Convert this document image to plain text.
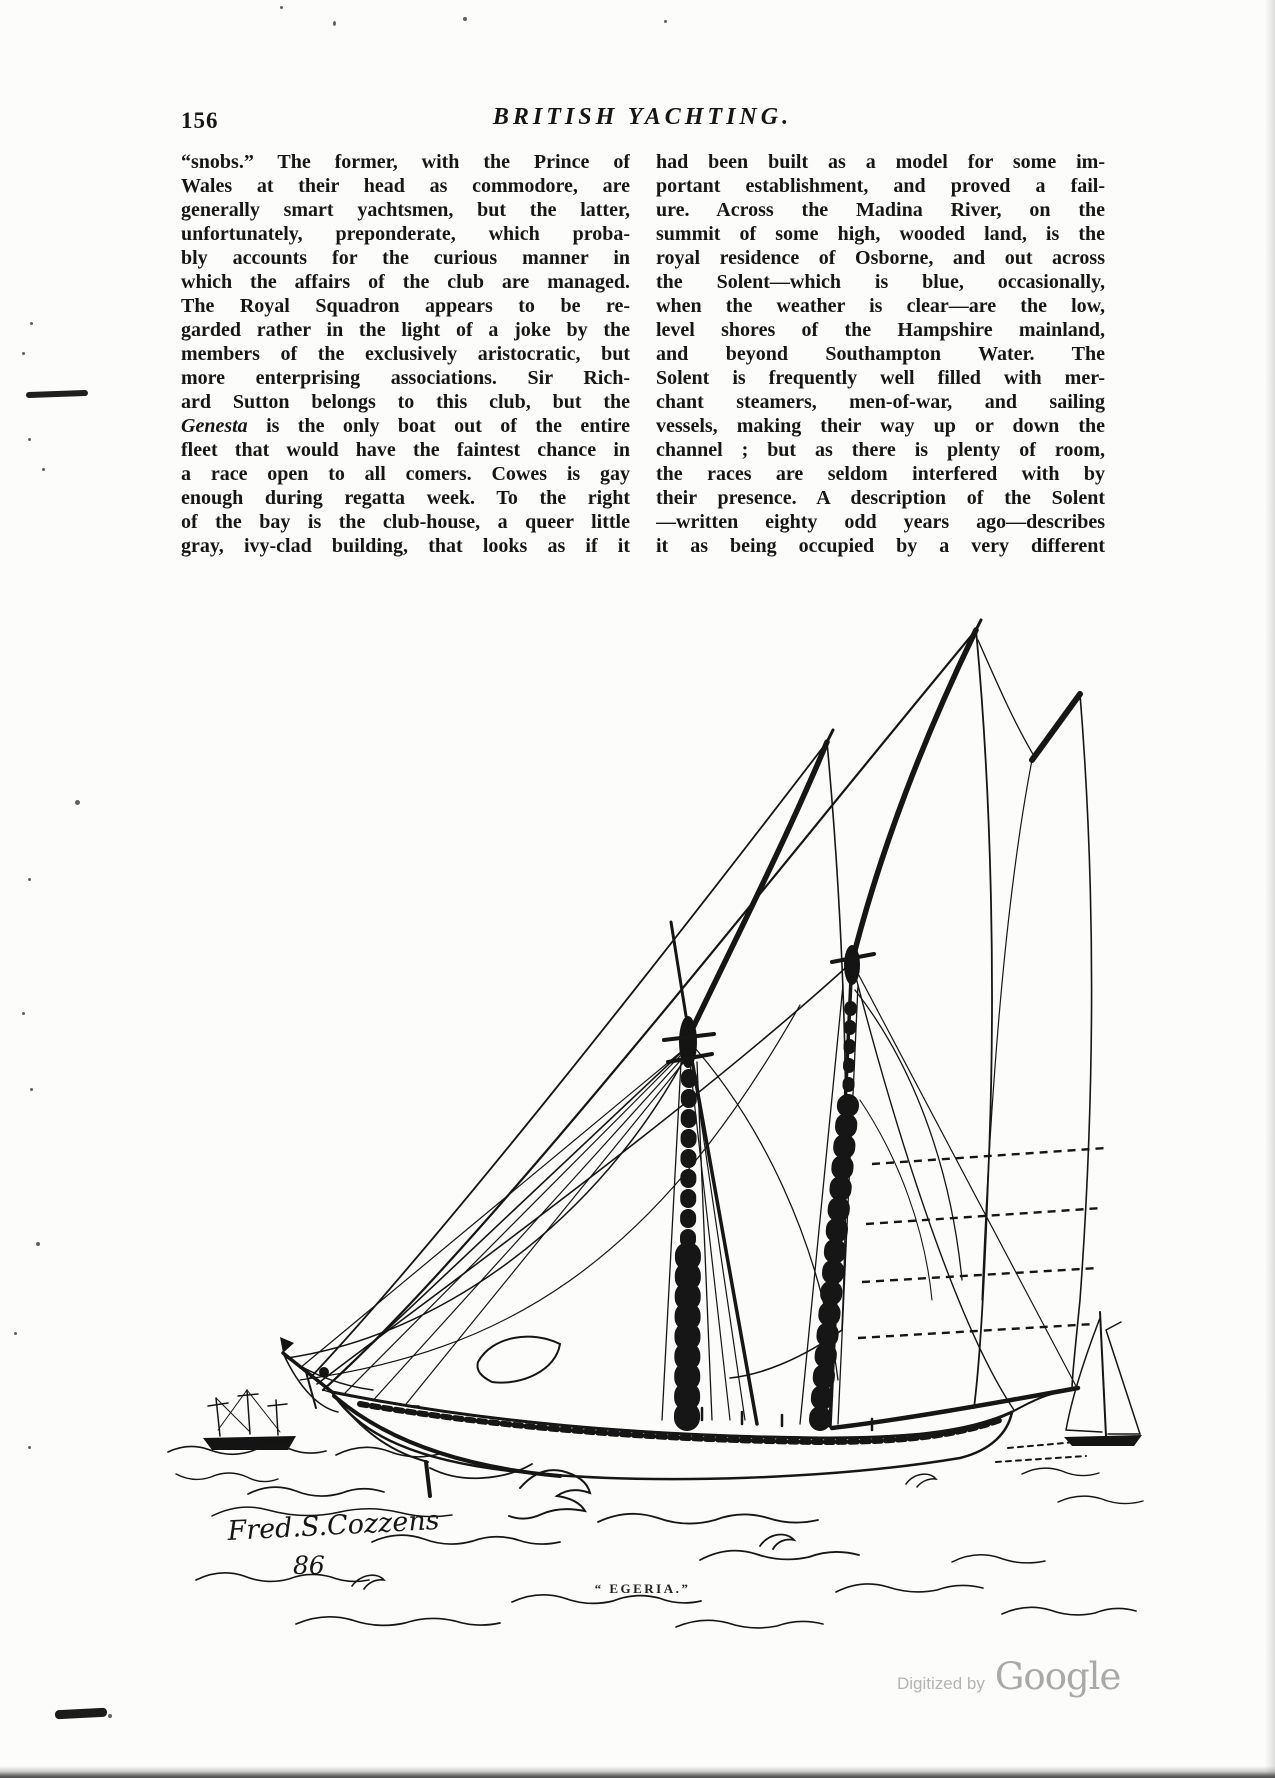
156	BRITISH YACHTING.
“snobs.” The former, with the Prince of
Wales at their head as commodore, are
generally smart yachtsmen, but the latter,
unfortunately, preponderate, which proba-
bly accounts for the curious manner in
which the affairs of the club are managed.
The Royal Squadron appears to be re-
garded rather in the light of a joke by the
members of the exclusively aristocratic, but
more enterprising associations. Sir Rich-
ard Sutton belongs to this club, but the
Genesta is the only boat out of the entire
fleet that would have the faintest chance in
a race open to all comers. Cowes is gay
enough during regatta week. To the right
of the bay is the club-house, a queer little
gray, ivy-clad building, that looks as if it
had been built as a model for some im-
portant establishment, and proved a fail-
ure. Across the Madina River, on the
summit of some high, wooded land, is the
royal residence of Osborne, and out across
the Solent—which is blue, occasionally,
when the weather is clear—are the low,
level shores of the Hampshire mainland,
and beyond Southampton Water. The
Solent is frequently well filled with mer-
chant steamers, men-of-war, and sailing
vessels, making their way up or down the
channel ; but as there is plenty of room,
the races are seldom interfered with by
their presence. A description of the Solent
—written eighty odd years ago—describes
it as being occupied by a very different
Fred.S.Cozzens
86
“ EGERIA.”
Digitized by Google
